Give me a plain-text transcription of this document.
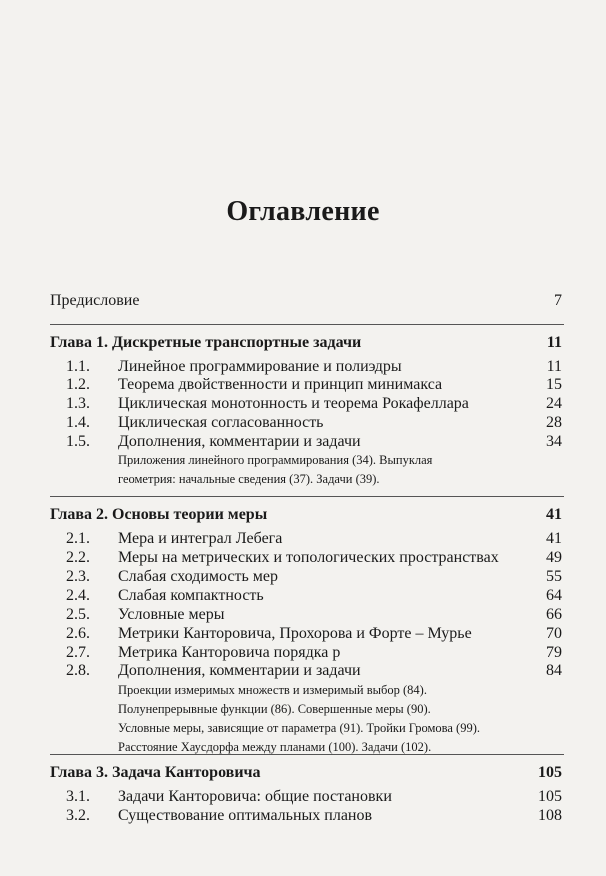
Оглавление
Предисловие	7
Глава 1. Дискретные транспортные задачи	11
1.1. Линейное программирование и полиэдры	11
1.2. Теорема двойственности и принцип минимакса	15
1.3. Циклическая монотонность и теорема Рокафеллара	24
1.4. Циклическая согласованность	28
1.5. Дополнения, комментарии и задачи	34
Приложения линейного программирования (34). Выпуклая
геометрия: начальные сведения (37). Задачи (39).
Глава 2. Основы теории меры	41
2.1. Мера и интеграл Лебега	41
2.2. Меры на метрических и топологических пространствах	49
2.3. Слабая сходимость мер	55
2.4. Слабая компактность	64
2.5. Условные меры	66
2.6. Метрики Канторовича, Прохорова и Форте – Мурье	70
2.7. Метрика Канторовича порядка p	79
2.8. Дополнения, комментарии и задачи	84
Проекции измеримых множеств и измеримый выбор (84).
Полунепрерывные функции (86). Совершенные меры (90).
Условные меры, зависящие от параметра (91). Тройки Громова (99).
Расстояние Хаусдорфа между планами (100). Задачи (102).
Глава 3. Задача Канторовича	105
3.1. Задачи Канторовича: общие постановки	105
3.2. Существование оптимальных планов	108
